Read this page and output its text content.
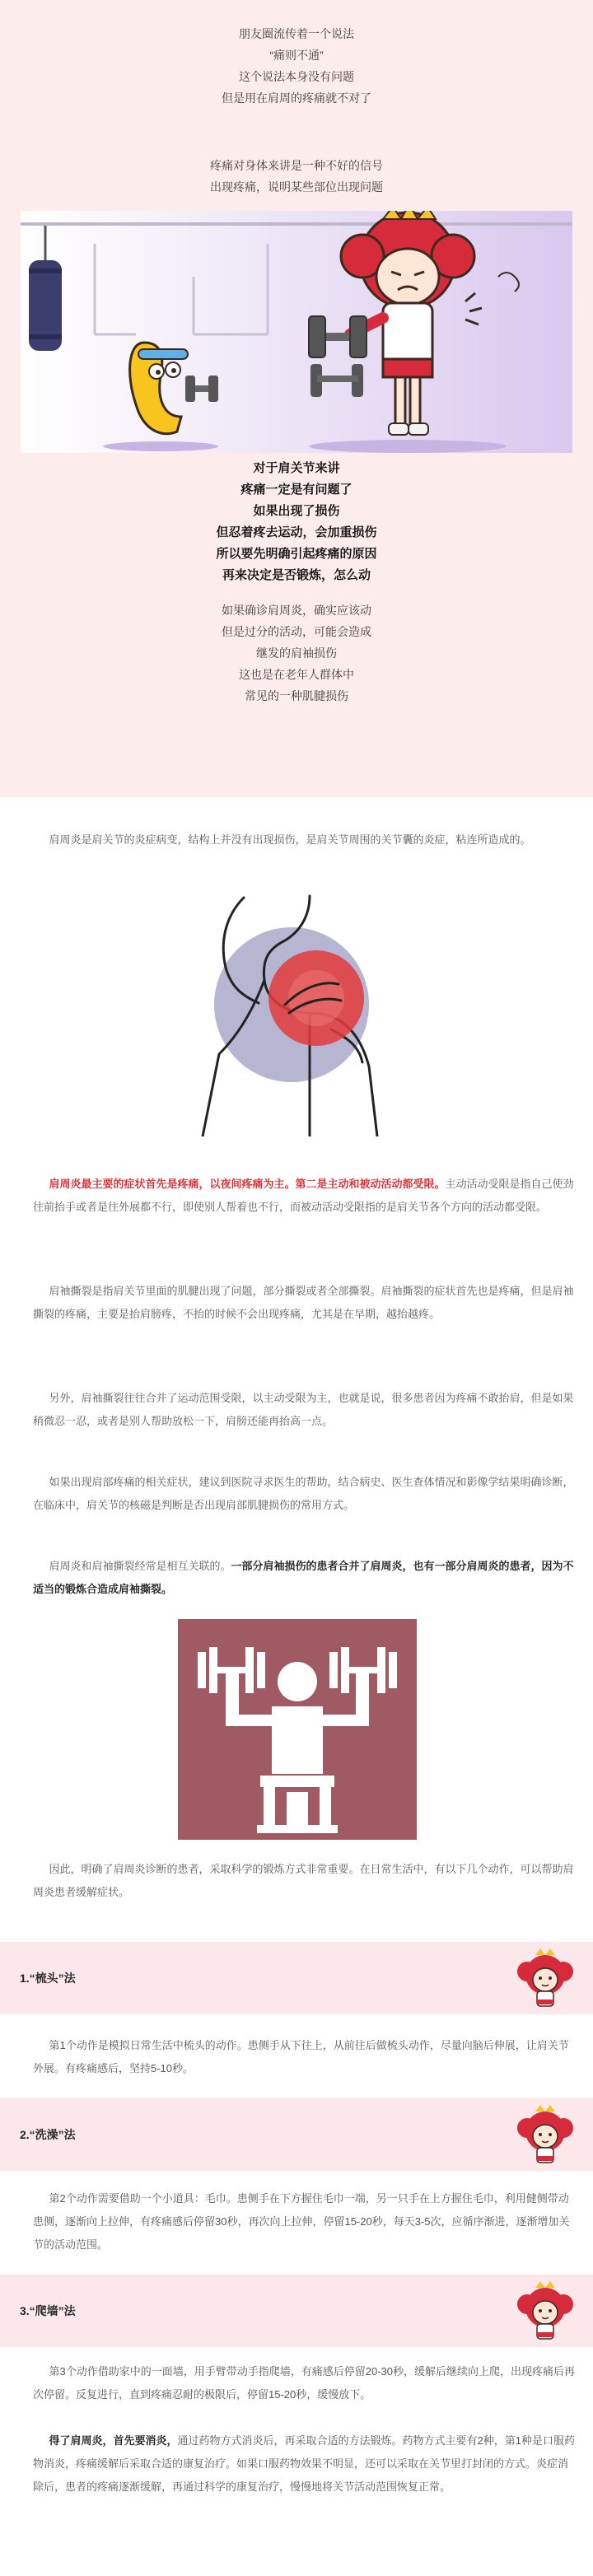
朋友圈流传着一个说法

“痛则不通”

这个说法本身没有问题

但是用在肩周的疼痛就不对了

疼痛对身体来讲是一种不好的信号

出现疼痛，说明某些部位出现问题

对于肩关节来讲

疼痛一定是有问题了

如果出现了损伤

但忍着疼去运动，会加重损伤

所以要先明确引起疼痛的原因

再来决定是否锻炼，怎么动

如果确诊肩周炎，确实应该动

但是过分的活动，可能会造成

继发的肩袖损伤

这也是在老年人群体中

常见的一种肌腱损伤

肩周炎是肩关节的炎症病变，结构上并没有出现损伤，是肩关节周围的关节囊的炎症，粘连所造成的。

肩周炎最主要的症状首先是疼痛，以夜间疼痛为主。第二是主动和被动活动都受限。主动活动受限是指自己使劲往前抬手或者是往外展都不行，即使别人帮着也不行，而被动活动受限指的是肩关节各个方向的活动都受限。

肩袖撕裂是指肩关节里面的肌腱出现了问题，部分撕裂或者全部撕裂。肩袖撕裂的症状首先也是疼痛，但是肩袖撕裂的疼痛，主要是抬肩膀疼，不抬的时候不会出现疼痛，尤其是在早期，越抬越疼。

另外，肩袖撕裂往往合并了运动范围受限，以主动受限为主，也就是说，很多患者因为疼痛不敢抬肩，但是如果稍微忍一忍，或者是别人帮助放松一下，肩膀还能再抬高一点。

如果出现肩部疼痛的相关症状，建议到医院寻求医生的帮助，结合病史、医生查体情况和影像学结果明确诊断，在临床中，肩关节的核磁是判断是否出现肩部肌腱损伤的常用方式。

肩周炎和肩袖撕裂经常是相互关联的。一部分肩袖损伤的患者合并了肩周炎，也有一部分肩周炎的患者，因为不适当的锻炼合造成肩袖撕裂。

因此，明确了肩周炎诊断的患者，采取科学的锻炼方式非常重要。在日常生活中，有以下几个动作，可以帮助肩周炎患者缓解症状。

1.“梳头”法

第1个动作是模拟日常生活中梳头的动作。患侧手从下往上，从前往后做梳头动作，尽量向脑后伸展，让肩关节外展。有疼痛感后，坚持5-10秒。

2.“洗澡”法

第2个动作需要借助一个小道具：毛巾。患侧手在下方握住毛巾一端，另一只手在上方握住毛巾，利用健侧带动患侧，逐渐向上拉伸，有疼痛感后停留30秒，再次向上拉伸，停留15-20秒，每天3-5次，应循序渐进，逐渐增加关节的活动范围。

3.“爬墙”法

第3个动作借助家中的一面墙，用手臂带动手指爬墙，有痛感后停留20-30秒，缓解后继续向上爬，出现疼痛后再次停留。反复进行，直到疼痛忍耐的极限后，停留15-20秒，缓慢放下。

得了肩周炎，首先要消炎，通过药物方式消炎后，再采取合适的方法锻炼。药物方式主要有2种，第1种是口服药物消炎，疼痛缓解后采取合适的康复治疗。如果口服药物效果不明显，还可以采取在关节里打封闭的方式。炎症消除后，患者的疼痛逐渐缓解，再通过科学的康复治疗，慢慢地将关节活动范围恢复正常。
